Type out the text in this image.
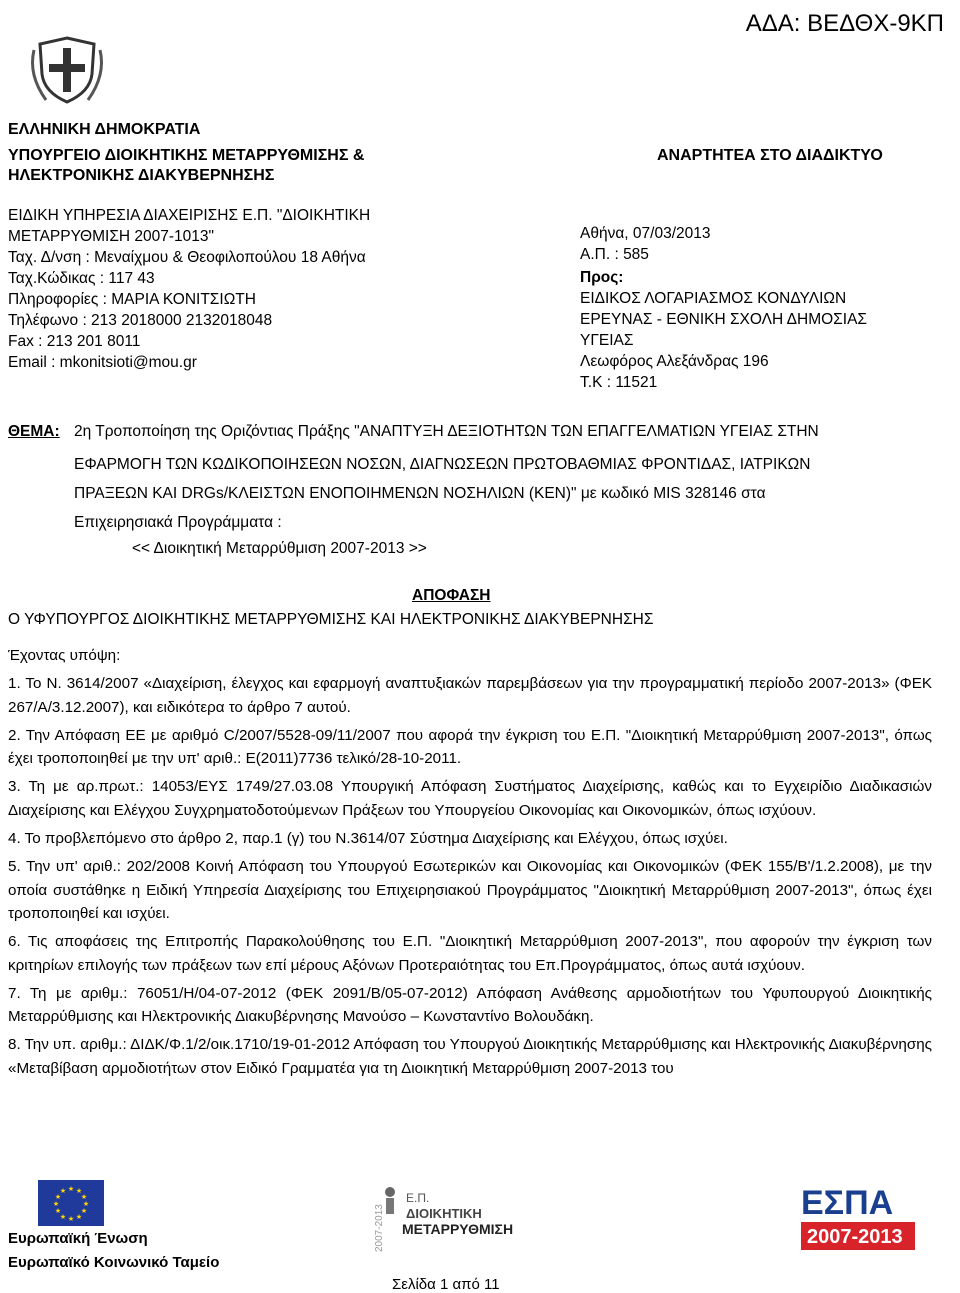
ΑΔΑ: ΒΕΔΘΧ-9ΚΠ
ΕΛΛΗΝΙΚΗ ΔΗΜΟΚΡΑΤΙΑ
ΥΠΟΥΡΓΕΙΟ ΔΙΟΙΚΗΤΙΚΗΣ ΜΕΤΑΡΡΥΘΜΙΣΗΣ &
ΗΛΕΚΤΡΟΝΙΚΗΣ ΔΙΑΚΥΒΕΡΝΗΣΗΣ
ΑΝΑΡΤΗΤΕΑ ΣΤΟ ΔΙΑΔΙΚΤΥΟ
ΕΙΔΙΚΗ ΥΠΗΡΕΣΙΑ ΔΙΑΧΕΙΡΙΣΗΣ Ε.Π. "ΔΙΟΙΚΗΤΙΚΗ
ΜΕΤΑΡΡΥΘΜΙΣΗ 2007-1013"
Ταχ. Δ/νση : Μεναίχμου & Θεοφιλοπούλου 18 Αθήνα
Ταχ.Κώδικας : 117 43
Πληροφορίες : ΜΑΡΙΑ ΚΟΝΙΤΣΙΩΤΗ
Τηλέφωνο : 213 2018000 2132018048
Fax : 213 201 8011
Email : mkonitsioti@mou.gr
Αθήνα, 07/03/2013
Α.Π. : 585
Προς:
ΕΙΔΙΚΟΣ ΛΟΓΑΡΙΑΣΜΟΣ ΚΟΝΔΥΛΙΩΝ
ΕΡΕΥΝΑΣ - ΕΘΝΙΚΗ ΣΧΟΛΗ ΔΗΜΟΣΙΑΣ
ΥΓΕΙΑΣ
Λεωφόρος Αλεξάνδρας 196
Τ.Κ : 11521
ΘΕΜΑ: 2η Τροποποίηση της Οριζόντιας Πράξης "ΑΝΑΠΤΥΞΗ ΔΕΞΙΟΤΗΤΩΝ ΤΩΝ ΕΠΑΓΓΕΛΜΑΤΙΩΝ ΥΓΕΙΑΣ ΣΤΗΝ
ΕΦΑΡΜΟΓΗ ΤΩΝ ΚΩΔΙΚΟΠΟΙΗΣΕΩΝ ΝΟΣΩΝ, ΔΙΑΓΝΩΣΕΩΝ ΠΡΩΤΟΒΑΘΜΙΑΣ ΦΡΟΝΤΙΔΑΣ, ΙΑΤΡΙΚΩΝ
ΠΡΑΞΕΩΝ ΚΑΙ DRGs/ΚΛΕΙΣΤΩΝ ΕΝΟΠΟΙΗΜΕΝΩΝ ΝΟΣΗΛΙΩΝ (ΚΕΝ)" με κωδικό MIS 328146 στα
Επιχειρησιακά Προγράμματα :
<< Διοικητική Μεταρρύθμιση 2007-2013 >>
ΑΠΟΦΑΣΗ
Ο ΥΦΥΠΟΥΡΓΟΣ ΔΙΟΙΚΗΤΙΚΗΣ ΜΕΤΑΡΡΥΘΜΙΣΗΣ ΚΑΙ ΗΛΕΚΤΡΟΝΙΚΗΣ ΔΙΑΚΥΒΕΡΝΗΣΗΣ

Έχοντας υπόψη:

1. Το Ν. 3614/2007 «Διαχείριση, έλεγχος και εφαρμογή αναπτυξιακών παρεμβάσεων για την προγραμματική περίοδο 2007-2013» (ΦΕΚ 267/Α/3.12.2007), και ειδικότερα το άρθρο 7 αυτού.

2. Την Απόφαση ΕΕ με αριθμό C/2007/5528-09/11/2007 που αφορά την έγκριση του Ε.Π. "Διοικητική Μεταρρύθμιση 2007-2013", όπως έχει τροποποιηθεί με την υπ' αριθ.: Ε(2011)7736 τελικό/28-10-2011.

3. Τη με αρ.πρωτ.: 14053/ΕΥΣ 1749/27.03.08 Υπουργική Απόφαση Συστήματος Διαχείρισης, καθώς και το Εγχειρίδιο Διαδικασιών Διαχείρισης και Ελέγχου Συγχρηματοδοτούμενων Πράξεων του Υπουργείου Οικονομίας και Οικονομικών, όπως ισχύουν.

4. Το προβλεπόμενο στο άρθρο 2, παρ.1 (γ) του Ν.3614/07 Σύστημα Διαχείρισης και Ελέγχου, όπως ισχύει.

5. Την υπ' αριθ.: 202/2008 Κοινή Απόφαση του Υπουργού Εσωτερικών και Οικονομίας και Οικονομικών (ΦΕΚ 155/Β'/1.2.2008), με την οποία συστάθηκε η Ειδική Υπηρεσία Διαχείρισης του Επιχειρησιακού Προγράμματος "Διοικητική Μεταρρύθμιση 2007-2013", όπως έχει τροποποιηθεί και ισχύει.

6. Τις αποφάσεις της Επιτροπής Παρακολούθησης του Ε.Π. "Διοικητική Μεταρρύθμιση 2007-2013", που αφορούν την έγκριση των κριτηρίων επιλογής των πράξεων των επί μέρους Αξόνων Προτεραιότητας του Επ.Προγράμματος, όπως αυτά ισχύουν.

7. Τη με αριθμ.: 76051/Η/04-07-2012 (ΦΕΚ 2091/Β/05-07-2012) Απόφαση Ανάθεσης αρμοδιοτήτων του Υφυπουργού Διοικητικής Μεταρρύθμισης και Ηλεκτρονικής Διακυβέρνησης Μανούσο – Κωνσταντίνο Βολουδάκη.

8. Την υπ. αριθμ.: ΔΙΔΚ/Φ.1/2/οικ.1710/19-01-2012 Απόφαση του Υπουργού Διοικητικής Μεταρρύθμισης και Ηλεκτρονικής Διακυβέρνησης «Μεταβίβαση αρμοδιοτήτων στον Ειδικό Γραμματέα για τη Διοικητική Μεταρρύθμιση 2007-2013 του

★ ★
★
★
★
★
★
★
★
★
★
★
Ευρωπαϊκή Ένωση
Ευρωπαϊκό Κοινωνικό Ταμείο
2007-2013
Ε.Π.
ΔΙΟΙΚΗΤΙΚΗ
ΜΕΤΑΡΡΥΘΜΙΣΗ
ΕΣΠΑ
2007-2013
Σελίδα 1 από 11
